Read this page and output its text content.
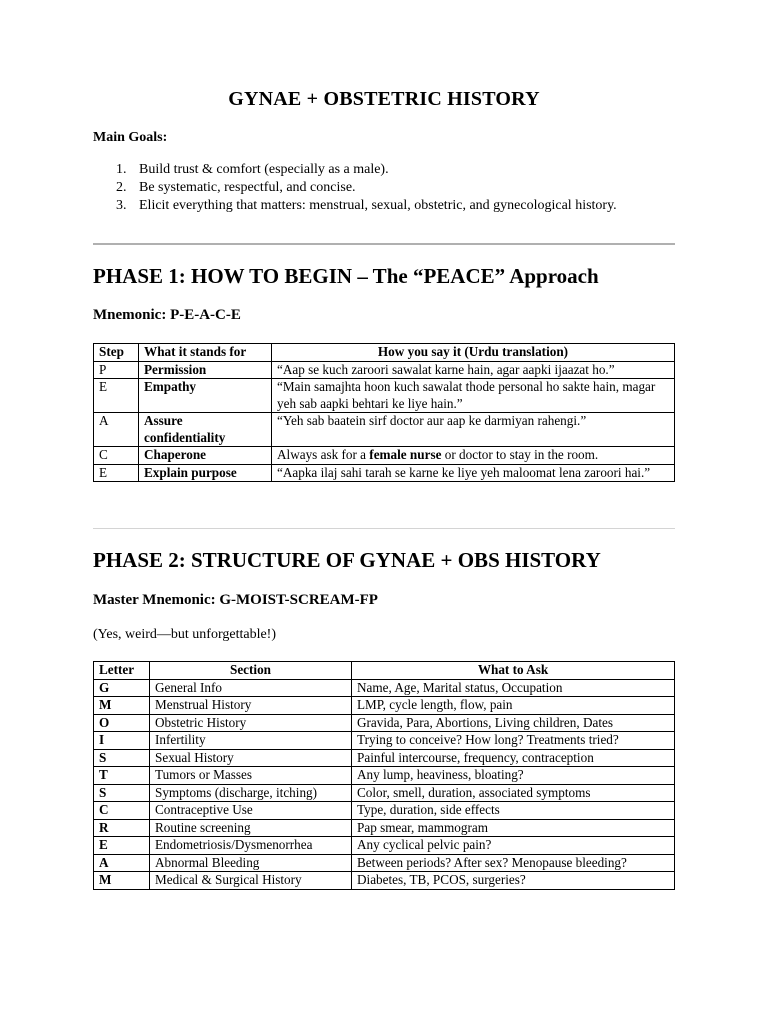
GYNAE + OBSTETRIC HISTORY
Main Goals:
1. Build trust & comfort (especially as a male).
2. Be systematic, respectful, and concise.
3. Elicit everything that matters: menstrual, sexual, obstetric, and gynecological history.
PHASE 1: HOW TO BEGIN – The “PEACE” Approach
Mnemonic: P-E-A-C-E
Step	What it stands for	How you say it (Urdu translation)
P	Permission	“Aap se kuch zaroori sawalat karne hain, agar aapki ijaazat ho.”
E	Empathy	“Main samajhta hoon kuch sawalat thode personal ho sakte hain, magar yeh sab aapki behtari ke liye hain.”
A	Assure confidentiality	“Yeh sab baatein sirf doctor aur aap ke darmiyan rahengi.”
C	Chaperone	Always ask for a female nurse or doctor to stay in the room.
E	Explain purpose	“Aapka ilaj sahi tarah se karne ke liye yeh maloomat lena zaroori hai.”
PHASE 2: STRUCTURE OF GYNAE + OBS HISTORY
Master Mnemonic: G-MOIST-SCREAM-FP
(Yes, weird—but unforgettable!)
Letter	Section	What to Ask
G	General Info	Name, Age, Marital status, Occupation
M	Menstrual History	LMP, cycle length, flow, pain
O	Obstetric History	Gravida, Para, Abortions, Living children, Dates
I	Infertility	Trying to conceive? How long? Treatments tried?
S	Sexual History	Painful intercourse, frequency, contraception
T	Tumors or Masses	Any lump, heaviness, bloating?
S	Symptoms (discharge, itching)	Color, smell, duration, associated symptoms
C	Contraceptive Use	Type, duration, side effects
R	Routine screening	Pap smear, mammogram
E	Endometriosis/Dysmenorrhea	Any cyclical pelvic pain?
A	Abnormal Bleeding	Between periods? After sex? Menopause bleeding?
M	Medical & Surgical History	Diabetes, TB, PCOS, surgeries?
